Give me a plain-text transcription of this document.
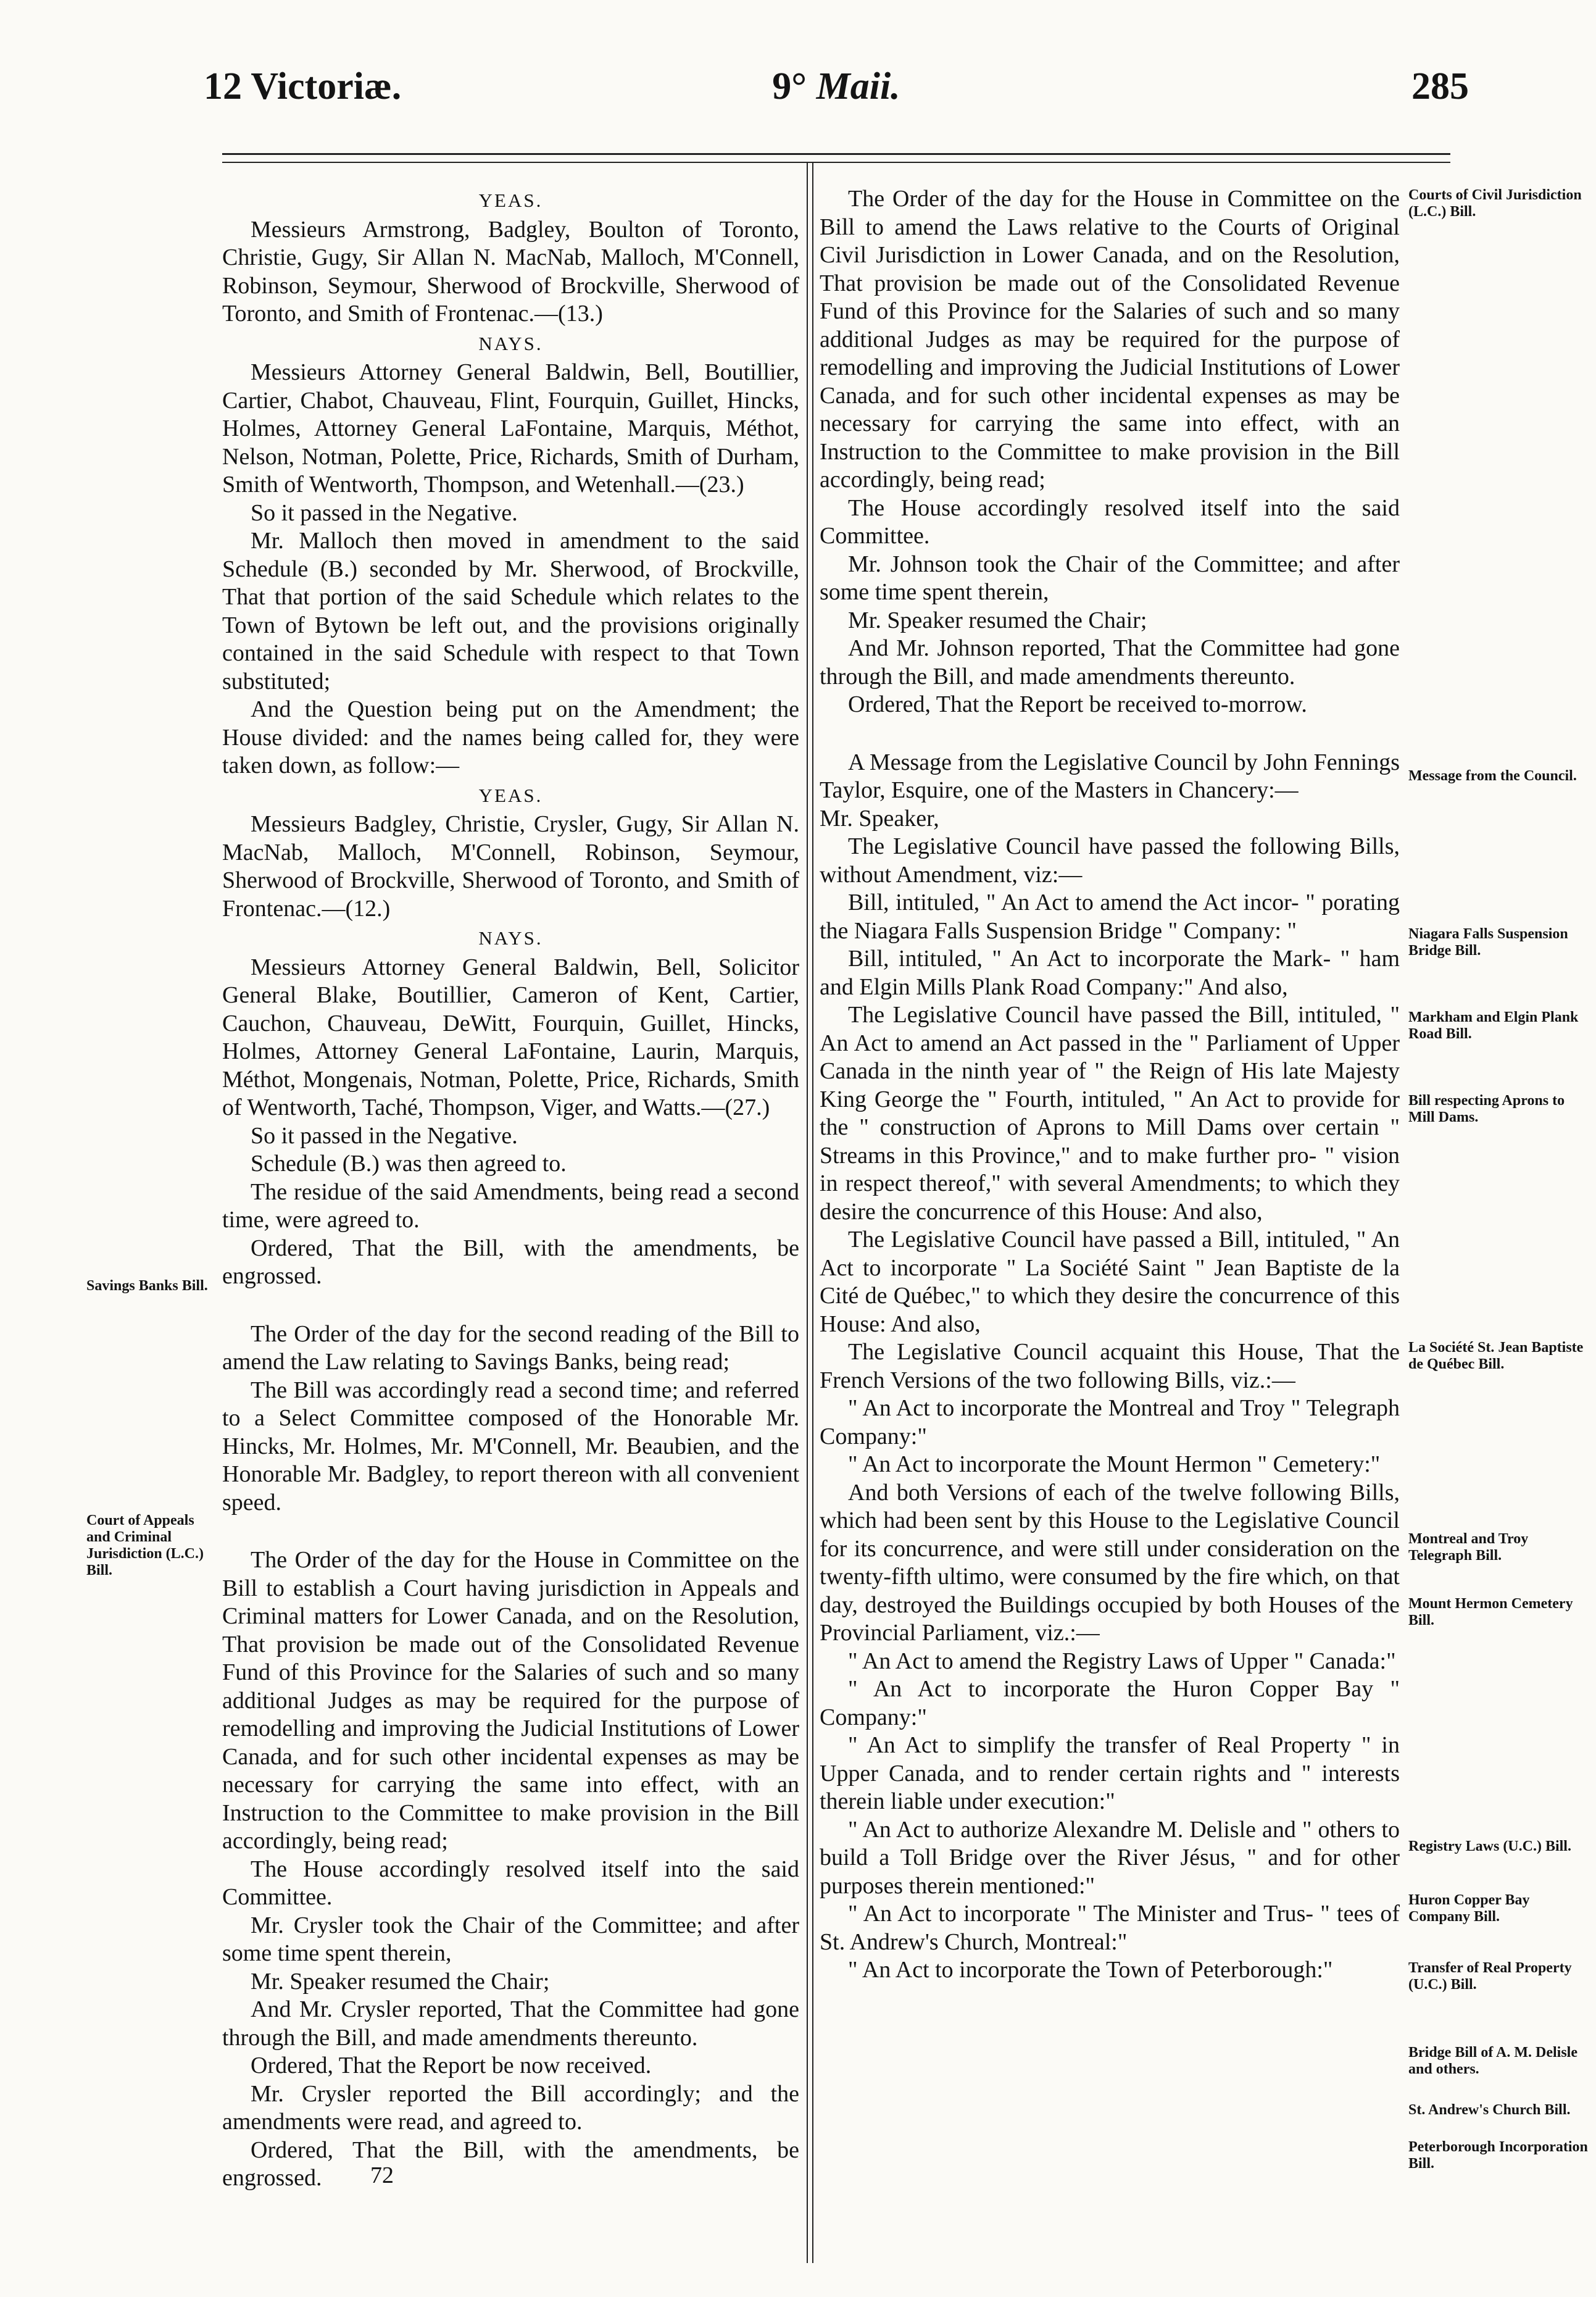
12 Victoriæ.	9° Maii.	285

YEAS.

Messieurs Armstrong, Badgley, Boulton of Toronto, Christie, Gugy, Sir Allan N. MacNab, Malloch, M'Connell, Robinson, Seymour, Sherwood of Brockville, Sherwood of Toronto, and Smith of Frontenac.—(13.)

NAYS.

Messieurs Attorney General Baldwin, Bell, Boutillier, Cartier, Chabot, Chauveau, Flint, Fourquin, Guillet, Hincks, Holmes, Attorney General LaFontaine, Marquis, Méthot, Nelson, Notman, Polette, Price, Richards, Smith of Durham, Smith of Wentworth, Thompson, and Wetenhall.—(23.)

So it passed in the Negative.

Mr. Malloch then moved in amendment to the said Schedule (B.) seconded by Mr. Sherwood, of Brockville, That that portion of the said Schedule which relates to the Town of Bytown be left out, and the provisions originally contained in the said Schedule with respect to that Town substituted;

And the Question being put on the Amendment; the House divided: and the names being called for, they were taken down, as follow:—

YEAS.

Messieurs Badgley, Christie, Crysler, Gugy, Sir Allan N. MacNab, Malloch, M'Connell, Robinson, Seymour, Sherwood of Brockville, Sherwood of Toronto, and Smith of Frontenac.—(12.)

NAYS.

Messieurs Attorney General Baldwin, Bell, Solicitor General Blake, Boutillier, Cameron of Kent, Cartier, Cauchon, Chauveau, DeWitt, Fourquin, Guillet, Hincks, Holmes, Attorney General LaFontaine, Laurin, Marquis, Méthot, Mongenais, Notman, Polette, Price, Richards, Smith of Wentworth, Taché, Thompson, Viger, and Watts.—(27.)

So it passed in the Negative.

Schedule (B.) was then agreed to.

The residue of the said Amendments, being read a second time, were agreed to.

Ordered, That the Bill, with the amendments, be engrossed.

The Order of the day for the second reading of the Bill to amend the Law relating to Savings Banks, being read;

The Bill was accordingly read a second time; and referred to a Select Committee composed of the Honorable Mr. Hincks, Mr. Holmes, Mr. M'Connell, Mr. Beaubien, and the Honorable Mr. Badgley, to report thereon with all convenient speed.

The Order of the day for the House in Committee on the Bill to establish a Court having jurisdiction in Appeals and Criminal matters for Lower Canada, and on the Resolution, That provision be made out of the Consolidated Revenue Fund of this Province for the Salaries of such and so many additional Judges as may be required for the purpose of remodelling and improving the Judicial Institutions of Lower Canada, and for such other incidental expenses as may be necessary for carrying the same into effect, with an Instruction to the Committee to make provision in the Bill accordingly, being read;

The House accordingly resolved itself into the said Committee.

Mr. Crysler took the Chair of the Committee; and after some time spent therein,

Mr. Speaker resumed the Chair;

And Mr. Crysler reported, That the Committee had gone through the Bill, and made amendments thereunto.

Ordered, That the Report be now received.

Mr. Crysler reported the Bill accordingly; and the amendments were read, and agreed to.

Ordered, That the Bill, with the amendments, be engrossed.

The Order of the day for the House in Committee on the Bill to amend the Laws relative to the Courts of Original Civil Jurisdiction in Lower Canada, and on the Resolution, That provision be made out of the Consolidated Revenue Fund of this Province for the Salaries of such and so many additional Judges as may be required for the purpose of remodelling and improving the Judicial Institutions of Lower Canada, and for such other incidental expenses as may be necessary for carrying the same into effect, with an Instruction to the Committee to make provision in the Bill accordingly, being read;

The House accordingly resolved itself into the said Committee.

Mr. Johnson took the Chair of the Committee; and after some time spent therein,

Mr. Speaker resumed the Chair;

And Mr. Johnson reported, That the Committee had gone through the Bill, and made amendments thereunto.

Ordered, That the Report be received to-morrow.

A Message from the Legislative Council by John Fennings Taylor, Esquire, one of the Masters in Chancery:—

Mr. Speaker,

The Legislative Council have passed the following Bills, without Amendment, viz:—

Bill, intituled, " An Act to amend the Act incor- " porating the Niagara Falls Suspension Bridge " Company: "

Bill, intituled, " An Act to incorporate the Mark- " ham and Elgin Mills Plank Road Company:" And also,

The Legislative Council have passed the Bill, intituled, " An Act to amend an Act passed in the " Parliament of Upper Canada in the ninth year of " the Reign of His late Majesty King George the " Fourth, intituled, " An Act to provide for the " construction of Aprons to Mill Dams over certain " Streams in this Province," and to make further pro- " vision in respect thereof," with several Amendments; to which they desire the concurrence of this House: And also,

The Legislative Council have passed a Bill, intituled, " An Act to incorporate " La Société Saint " Jean Baptiste de la Cité de Québec," to which they desire the concurrence of this House: And also,

The Legislative Council acquaint this House, That the French Versions of the two following Bills, viz.:—

" An Act to incorporate the Montreal and Troy " Telegraph Company:"

" An Act to incorporate the Mount Hermon " Cemetery:"

And both Versions of each of the twelve following Bills, which had been sent by this House to the Legislative Council for its concurrence, and were still under consideration on the twenty-fifth ultimo, were consumed by the fire which, on that day, destroyed the Buildings occupied by both Houses of the Provincial Parliament, viz.:—

" An Act to amend the Registry Laws of Upper " Canada:"

" An Act to incorporate the Huron Copper Bay " Company:"

" An Act to simplify the transfer of Real Property " in Upper Canada, and to render certain rights and " interests therein liable under execution:"

" An Act to authorize Alexandre M. Delisle and " others to build a Toll Bridge over the River Jésus, " and for other purposes therein mentioned:"

" An Act to incorporate " The Minister and Trus- " tees of St. Andrew's Church, Montreal:"

" An Act to incorporate the Town of Peterborough:"

72
Savings Banks Bill.
Court of Appeals and Criminal Jurisdiction (L.C.) Bill.
Courts of Civil Jurisdiction (L.C.) Bill.
Message from the Council.
Niagara Falls Suspension Bridge Bill.
Markham and Elgin Plank Road Bill.
Bill respecting Aprons to Mill Dams.
La Société St. Jean Baptiste de Québec Bill.
Montreal and Troy Telegraph Bill.
Mount Hermon Cemetery Bill.
Registry Laws (U.C.) Bill.
Huron Copper Bay Company Bill.
Transfer of Real Property (U.C.) Bill.
Bridge Bill of A. M. Delisle and others.
St. Andrew's Church Bill.
Peterborough Incorporation Bill.
